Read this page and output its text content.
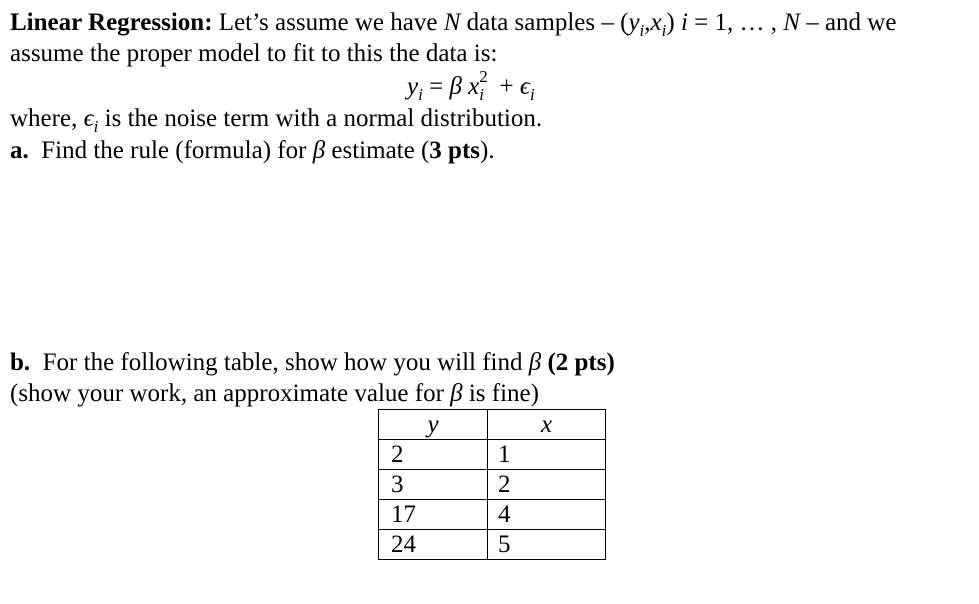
Linear Regression: Let’s assume we have N data samples – $(y_i,x_i) i = 1$, … , N – and we
assume the proper model to fit to this the data is:
$y_i = \beta$ x 2
$i + \epsilon_i$
where, $\epsilon_i$ is the noise term with a normal distribution.
a. Find the rule (formula) for β estimate (3 pts).
b. For the following table, show how you will find β (2 pts)
(show your work, an approximate value for β is fine)
y	x
2	1
3	2
17	4
24	5
